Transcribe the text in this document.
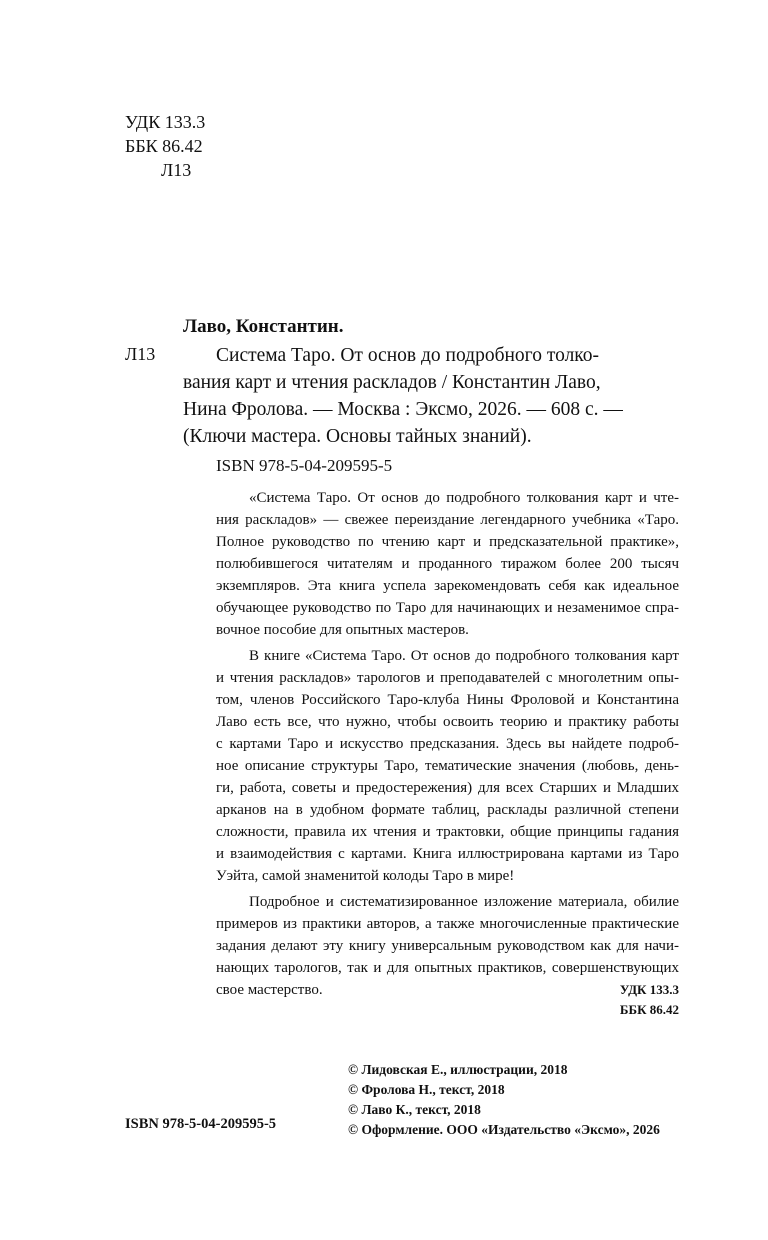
УДК 133.3
ББК 86.42
Л13
Лаво, Константин.
Л13	Система Таро. От основ до подробного толко-
вания карт и чтения раскладов / Константин Лаво,
Нина Фролова. — Москва : Эксмо, 2026. — 608 с. —
(Ключи мастера. Основы тайных знаний).
ISBN 978-5-04-209595-5

«Система Таро. От основ до подробного толкования карт и чте-
ния раскладов» — свежее переиздание легендарного учебника «Таро.
Полное руководство по чтению карт и предсказательной практике»,
полюбившегося читателям и проданного тиражом более 200 тысяч
экземпляров. Эта книга успела зарекомендовать себя как идеальное
обучающее руководство по Таро для начинающих и незаменимое спра-
вочное пособие для опытных мастеров.

В книге «Система Таро. От основ до подробного толкования карт
и чтения раскладов» тарологов и преподавателей с многолетним опы-
том, членов Российского Таро-клуба Нины Фроловой и Константина
Лаво есть все, что нужно, чтобы освоить теорию и практику работы
с картами Таро и искусство предсказания. Здесь вы найдете подроб-
ное описание структуры Таро, тематические значения (любовь, день-
ги, работа, советы и предостережения) для всех Старших и Младших
арканов на в удобном формате таблиц, расклады различной степени
сложности, правила их чтения и трактовки, общие принципы гадания
и взаимодействия с картами. Книга иллюстрирована картами из Таро
Уэйта, самой знаменитой колоды Таро в мире!

Подробное и систематизированное изложение материала, обилие
примеров из практики авторов, а также многочисленные практические
задания делают эту книгу универсальным руководством как для начи-
нающих тарологов, так и для опытных практиков, совершенствующих
свое мастерство.	УДК 133.3
ББК 86.42
© Лидовская Е., иллюстрации, 2018
© Фролова Н., текст, 2018
© Лаво К., текст, 2018
© Оформление. ООО «Издательство «Эксмо», 2026
ISBN 978-5-04-209595-5
